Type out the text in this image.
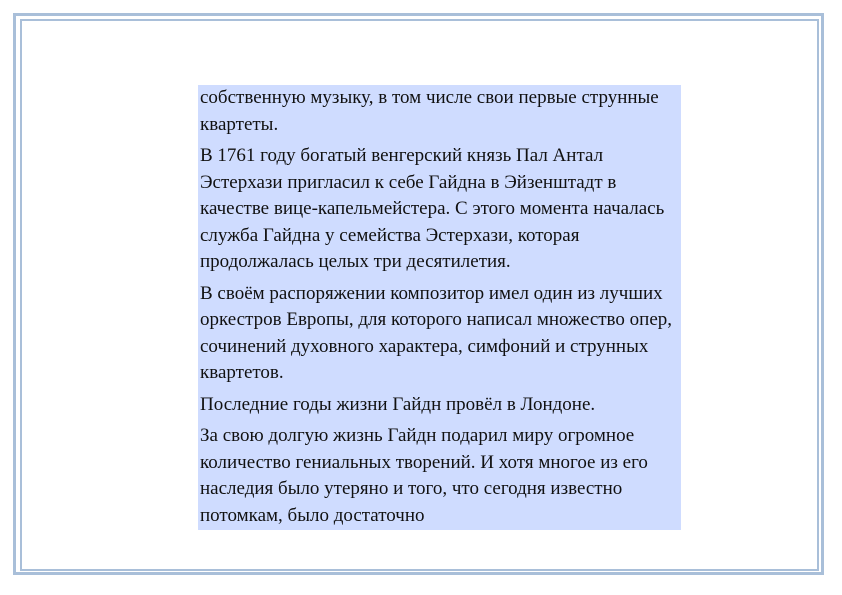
собственную музыку, в том числе свои первые струнные квартеты.

В 1761 году богатый венгерский князь Пал Антал Эстерхази пригласил к себе Гайдна в Эйзенштадт в качестве вице-капельмейстера. С этого момента началась служба Гайдна у семейства Эстерхази, которая продолжалась целых три десятилетия.

В своём распоряжении композитор имел один из лучших оркестров Европы, для которого написал множество опер, сочинений духовного характера, симфоний и струнных квартетов.

Последние годы жизни Гайдн провёл в Лондоне.

За свою долгую жизнь Гайдн подарил миру огромное количество гениальных творений. И хотя многое из его наследия было утеряно и того, что сегодня известно потомкам, было достаточно
